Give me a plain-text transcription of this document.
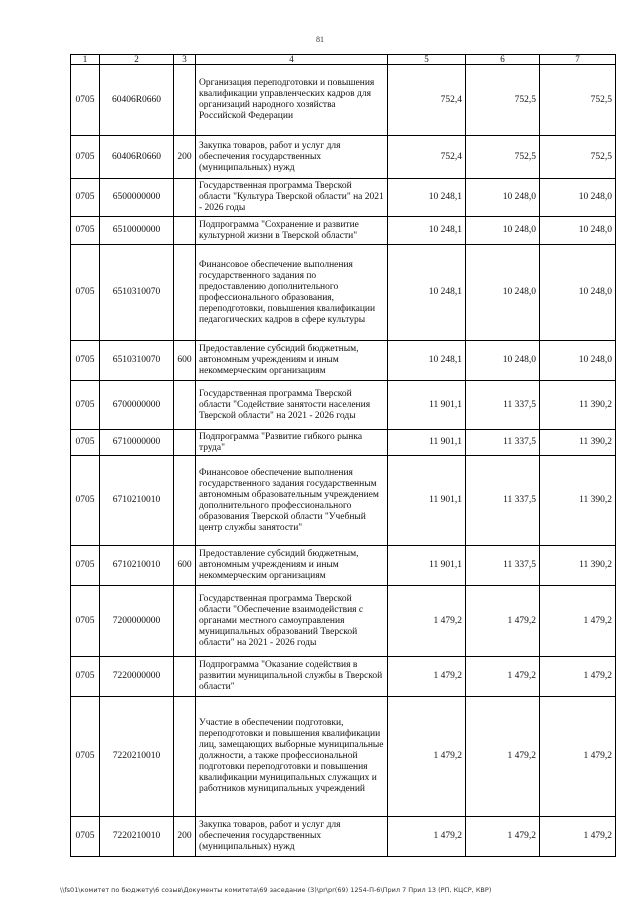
81
1	2	3	4	5	6	7
0705	60406R0660		Организация переподготовки и повышения квалификации управленческих кадров для организаций народного хозяйства Российской Федерации	752,4	752,5	752,5
0705	60406R0660	200	Закупка товаров, работ и услуг для обеспечения государственных (муниципальных) нужд	752,4	752,5	752,5
0705	6500000000		Государственная программа Тверской области "Культура Тверской области" на 2021 - 2026 годы	10 248,1	10 248,0	10 248,0
0705	6510000000		Подпрограмма "Сохранение и развитие культурной жизни в Тверской области"	10 248,1	10 248,0	10 248,0
0705	6510310070		Финансовое обеспечение выполнения государственного задания по предоставлению дополнительного профессионального образования, переподготовки, повышения квалификации педагогических кадров в сфере культуры	10 248,1	10 248,0	10 248,0
0705	6510310070	600	Предоставление субсидий бюджетным, автономным учреждениям и иным некоммерческим организациям	10 248,1	10 248,0	10 248,0
0705	6700000000		Государственная программа Тверской области "Содействие занятости населения Тверской области" на 2021 - 2026 годы	11 901,1	11 337,5	11 390,2
0705	6710000000		Подпрограмма "Развитие гибкого рынка труда"	11 901,1	11 337,5	11 390,2
0705	6710210010		Финансовое обеспечение выполнения государственного задания государственным автономным образовательным учреждением дополнительного профессионального образования Тверской области "Учебный центр службы занятости"	11 901,1	11 337,5	11 390,2
0705	6710210010	600	Предоставление субсидий бюджетным, автономным учреждениям и иным некоммерческим организациям	11 901,1	11 337,5	11 390,2
0705	7200000000		Государственная программа Тверской области "Обеспечение взаимодействия с органами местного самоуправления муниципальных образований Тверской области" на 2021 - 2026 годы	1 479,2	1 479,2	1 479,2
0705	7220000000		Подпрограмма "Оказание содействия в развитии муниципальной службы в Тверской области"	1 479,2	1 479,2	1 479,2
0705	7220210010		Участие в обеспечении подготовки, переподготовки и повышения квалификации лиц, замещающих выборные муниципальные должности, а также профессиональной подготовки переподготовки и повышения квалификации муниципальных служащих и работников муниципальных учреждений	1 479,2	1 479,2	1 479,2
0705	7220210010	200	Закупка товаров, работ и услуг для обеспечения государственных (муниципальных) нужд	1 479,2	1 479,2	1 479,2
\\fs01\комитет по бюджету\6 созыв\Документы комитета\69 заседание (3)\pr\pr(69) 1254-П-6\Прил 7 Прил 13 (РП, КЦСР, КВР)
